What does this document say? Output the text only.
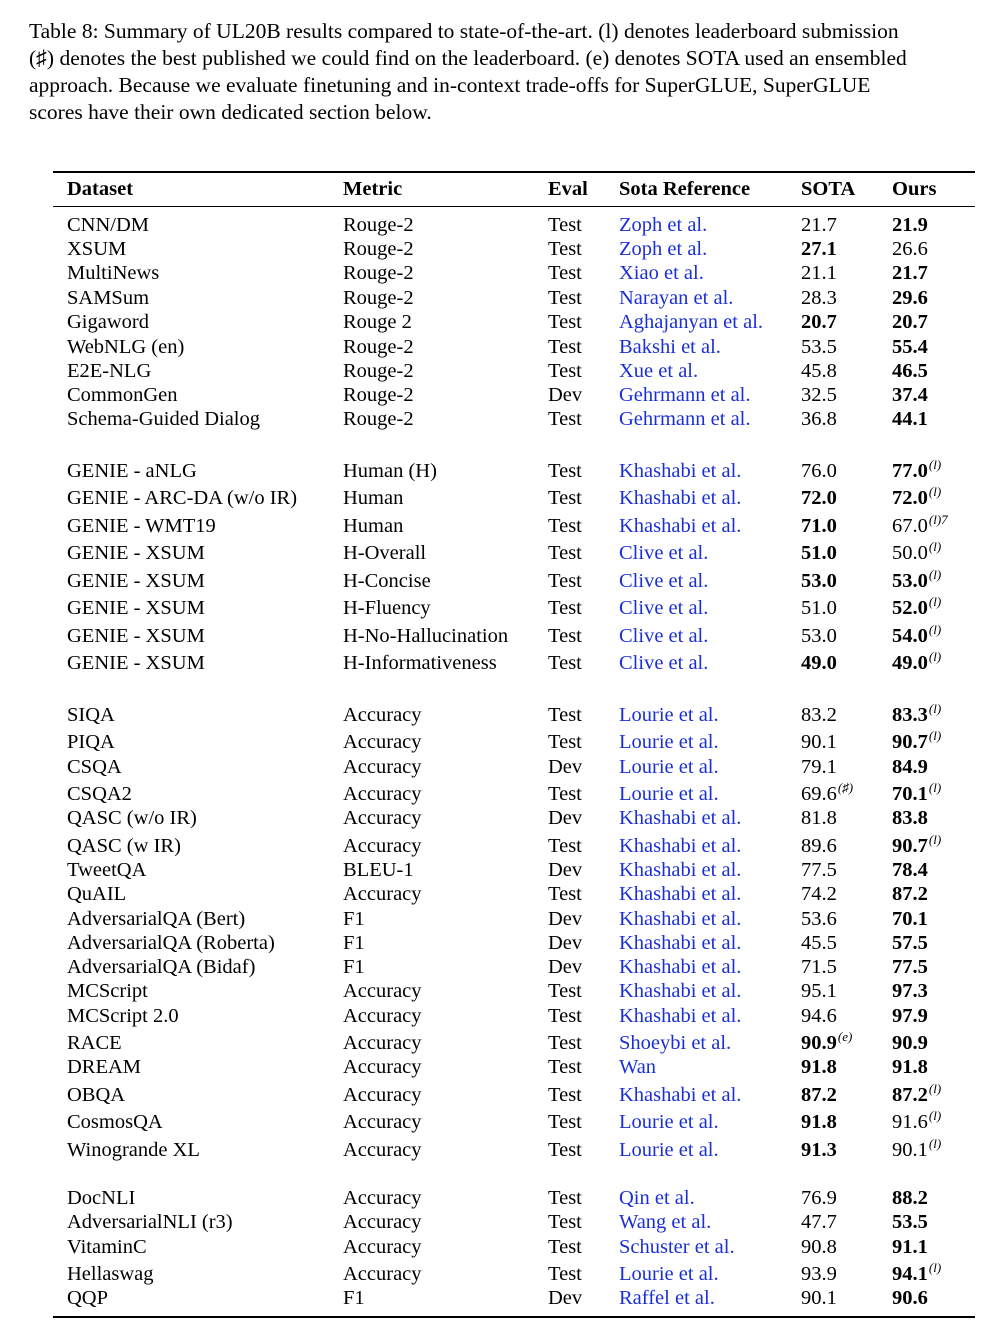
Table 8: Summary of UL20B results compared to state-of-the-art. (l) denotes leaderboard submission
(♯) denotes the best published we could find on the leaderboard. (e) denotes SOTA used an ensembled
approach. Because we evaluate finetuning and in-context trade-offs for SuperGLUE, SuperGLUE
scores have their own dedicated section below.
Dataset	Metric	Eval Sota Reference SOTA Ours
CNN/DM	Rouge-2	Test Zoph et al.	21.7	21.9
XSUM	Rouge-2	Test Zoph et al.	27.1	26.6
MultiNews	Rouge-2	Test Xiao et al.	21.1	21.7
SAMSum	Rouge-2	Test Narayan et al.	28.3	29.6
Gigaword	Rouge 2	Test Aghajanyan et al. 20.7	20.7
WebNLG (en)	Rouge-2	Test Bakshi et al.	53.5	55.4
E2E-NLG	Rouge-2	Test Xue et al.	45.8	46.5
CommonGen	Rouge-2	Dev Gehrmann et al. 32.5	37.4
Schema-Guided Dialog	Rouge-2	Test Gehrmann et al. 36.8	44.1
GENIE - aNLG	Human (H)	Test Khashabi et al.	76.0	77.0$^{(l)}$
GENIE - ARC-DA (w/o IR) Human	Test Khashabi et al.	72.0	72.0$^{(l)}$
GENIE - WMT19	Human	Test Khashabi et al.	71.0	$67.0^{(l)7}$
GENIE - XSUM	H-Overall	Test Clive et al.	51.0	50.0$^{(l)}$
GENIE - XSUM	H-Concise	Test Clive et al.	53.0	53.0$^{(l)}$
GENIE - XSUM	H-Fluency	Test Clive et al.	51.0	52.0$^{(l)}$
GENIE - XSUM	H-No-Hallucination Test Clive et al.	53.0	54.0$^{(l)}$
GENIE - XSUM	H-Informativeness	Test Clive et al.	49.0	49.0$^{(l)}$
SIQA	Accuracy	Test Lourie et al.	83.2	83.3$^{(l)}$
PIQA	Accuracy	Test Lourie et al.	90.1	90.7$^{(l)}$
CSQA	Accuracy	Dev Lourie et al.	79.1	84.9
CSQA2	Accuracy	Test Lourie et al.	69.6(♯) 70.1$^{(l)}$
QASC (w/o IR)	Accuracy	Dev Khashabi et al.	81.8	83.8
QASC (w IR)	Accuracy	Test Khashabi et al.	89.6	90.7$^{(l)}$
TweetQA	BLEU-1	Dev Khashabi et al.	77.5	78.4
QuAIL	Accuracy	Test Khashabi et al.	74.2	87.2
AdversarialQA (Bert)	F1	Dev Khashabi et al.	53.6	70.1
AdversarialQA (Roberta)	F1	Dev Khashabi et al.	45.5	57.5
AdversarialQA (Bidaf)	F1	Dev Khashabi et al.	71.5	77.5
MCScript	Accuracy	Test Khashabi et al.	95.1	97.3
MCScript 2.0	Accuracy	Test Khashabi et al.	94.6	97.9
RACE	Accuracy	Test Shoeybi et al.	90.9$^{(e)}$ 90.9
DREAM	Accuracy	Test Wan	91.8	91.8
OBQA	Accuracy	Test Khashabi et al.	87.2	87.2$^{(l)}$
CosmosQA	Accuracy	Test Lourie et al.	91.8	91.6$^{(l)}$
Winogrande XL	Accuracy	Test Lourie et al.	91.3	90.1$^{(l)}$
DocNLI	Accuracy	Test Qin et al.	76.9	88.2
AdversarialNLI (r3)	Accuracy	Test Wang et al.	47.7	53.5
VitaminC	Accuracy	Test Schuster et al.	90.8	91.1
Hellaswag	Accuracy	Test Lourie et al.	93.9	94.1$^{(l)}$
QQP	F1	Dev Raffel et al.	90.1	90.6
